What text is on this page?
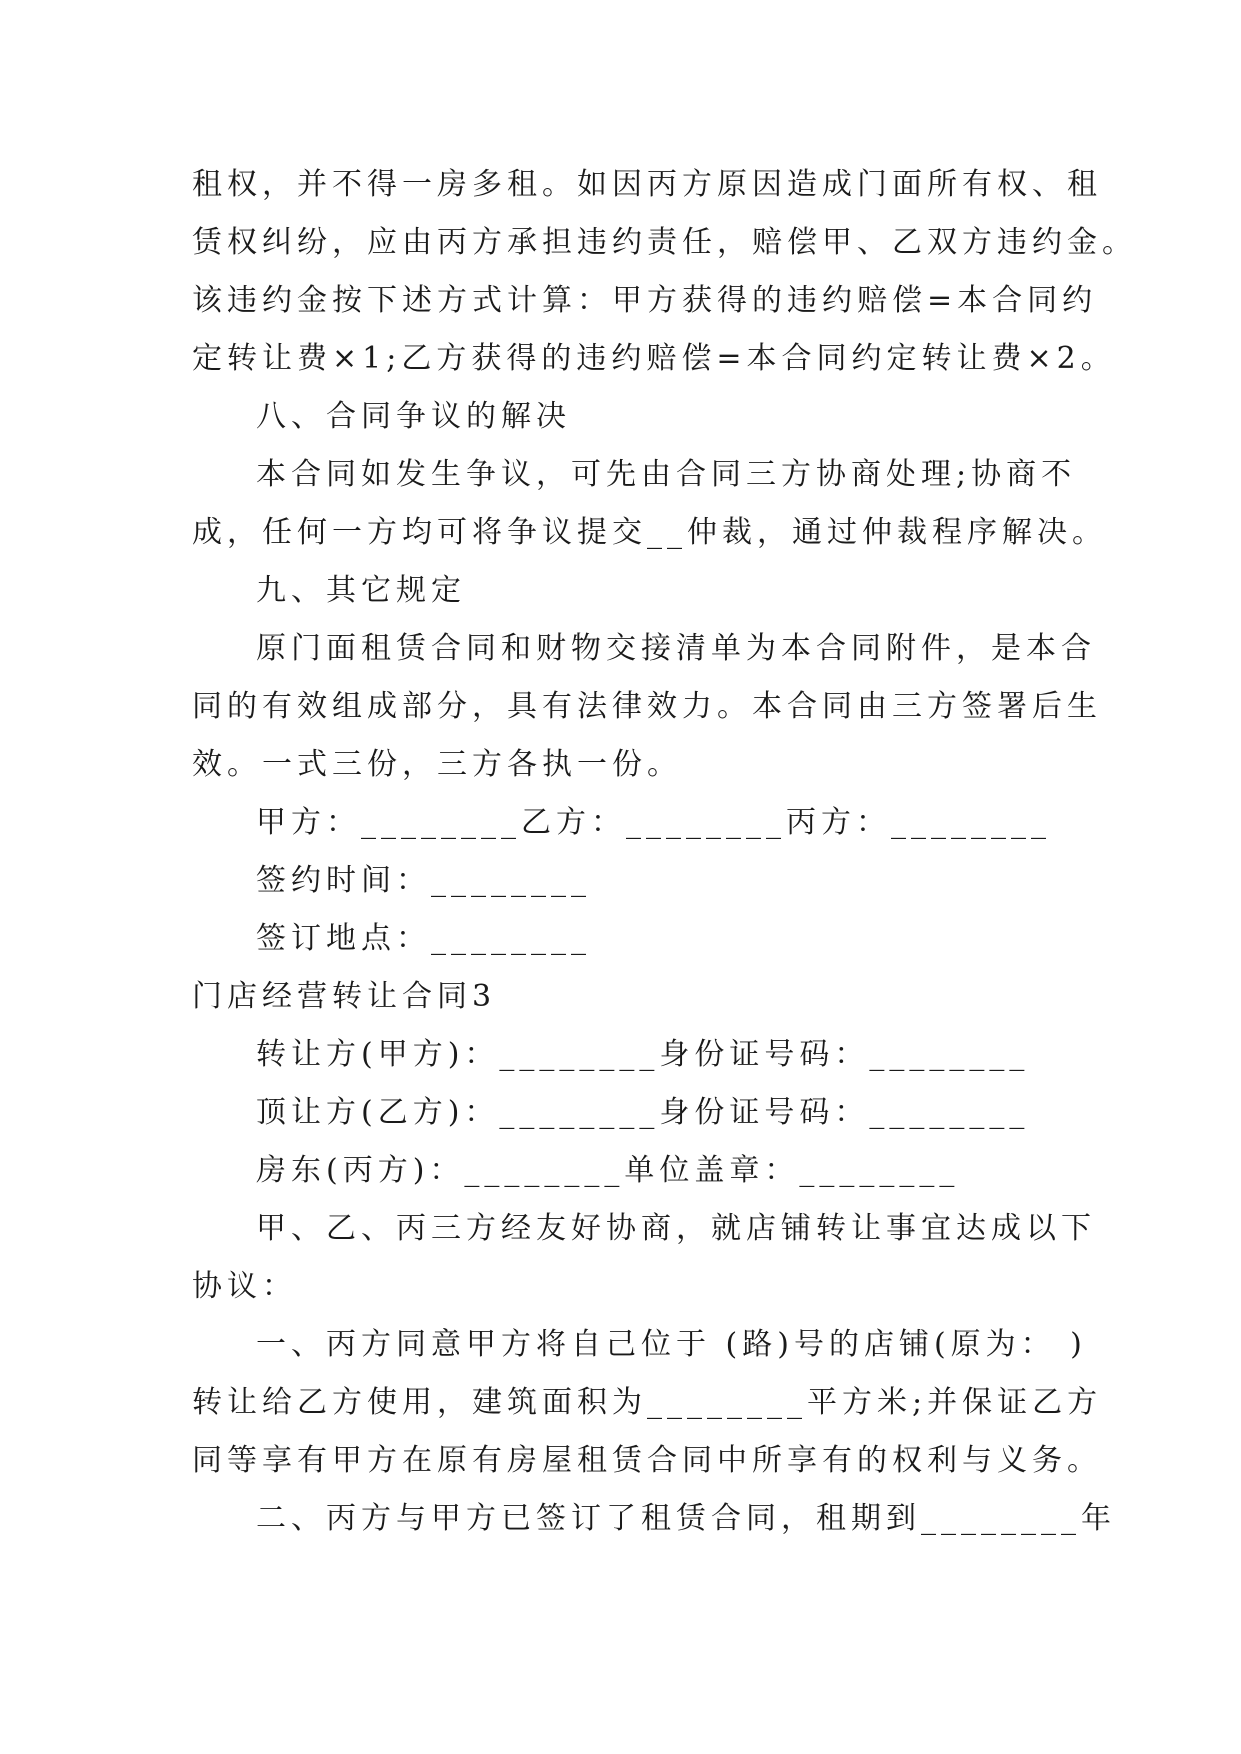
租权，并不得一房多租。如因丙方原因造成门面所有权、租
赁权纠纷，应由丙方承担违约责任，赔偿甲、乙双方违约金。
该违约金按下述方式计算：甲方获得的违约赔偿=本合同约
定转让费×1;乙方获得的违约赔偿=本合同约定转让费×2。
八、合同争议的解决
本合同如发生争议，可先由合同三方协商处理;协商不
成，任何一方均可将争议提交__仲裁，通过仲裁程序解决。
九、其它规定
原门面租赁合同和财物交接清单为本合同附件，是本合
同的有效组成部分，具有法律效力。本合同由三方签署后生
效。一式三份，三方各执一份。
甲方：________乙方：________丙方：________
签约时间：________
签订地点：________
门店经营转让合同3
转让方(甲方)：________身份证号码：________
顶让方(乙方)：________身份证号码：________
房东(丙方)：________单位盖章：________
甲、乙、丙三方经友好协商，就店铺转让事宜达成以下
协议：
一、丙方同意甲方将自己位于 (路)号的店铺(原为： )
转让给乙方使用，建筑面积为________平方米;并保证乙方
同等享有甲方在原有房屋租赁合同中所享有的权利与义务。
二、丙方与甲方已签订了租赁合同，租期到________年
